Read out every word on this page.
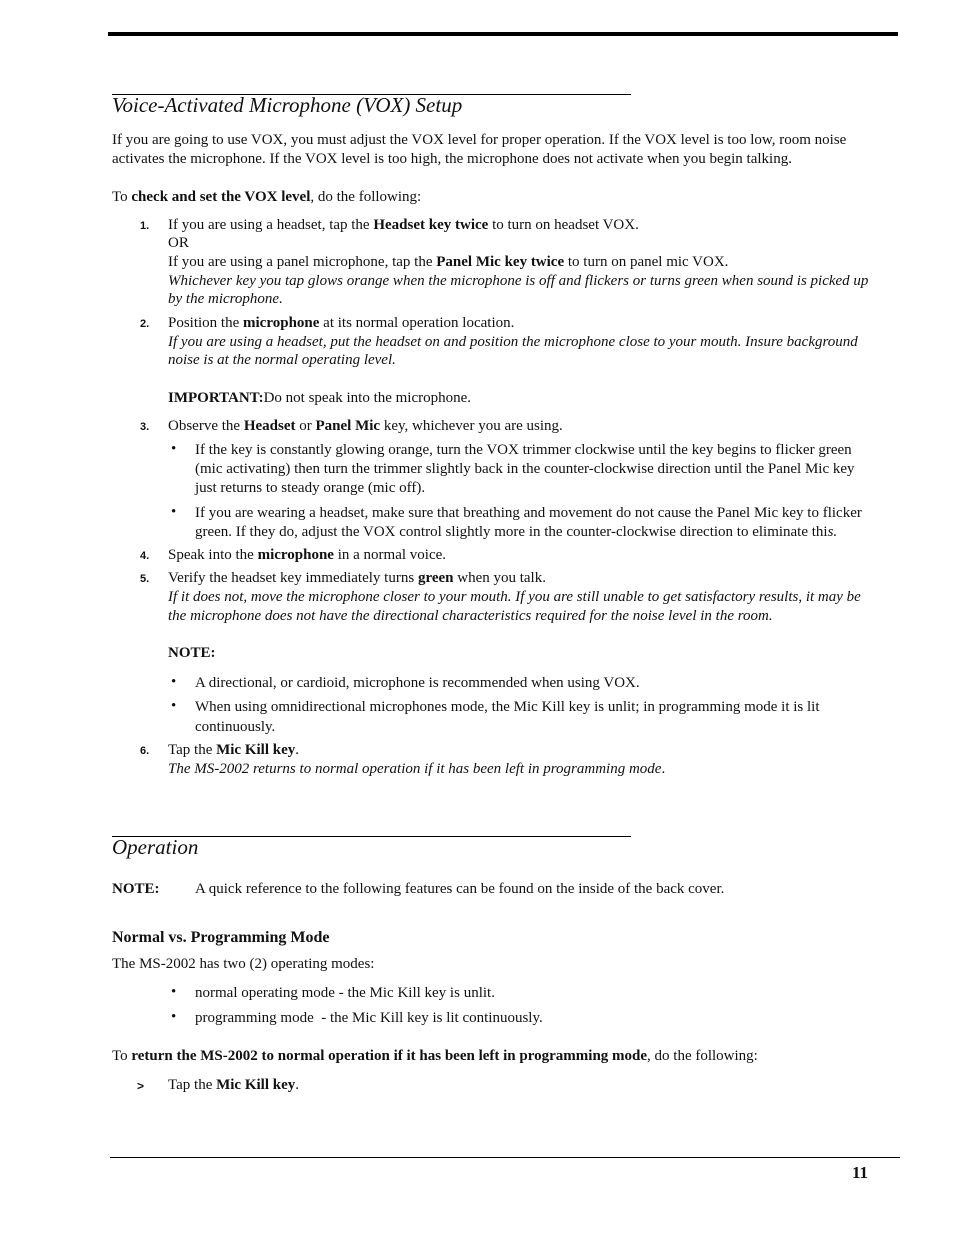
Voice-Activated Microphone (VOX) Setup
If you are going to use VOX, you must adjust the VOX level for proper operation. If the VOX level is too low, room noise
activates the microphone. If the VOX level is too high, the microphone does not activate when you begin talking.
To check and set the VOX level, do the following:
1. If you are using a headset, tap the Headset key twice to turn on headset VOX.
OR
If you are using a panel microphone, tap the Panel Mic key twice to turn on panel mic VOX.
Whichever key you tap glows orange when the microphone is off and flickers or turns green when sound is picked up
by the microphone.
2. Position the microphone at its normal operation location.
If you are using a headset, put the headset on and position the microphone close to your mouth. Insure background
noise is at the normal operating level.
IMPORTANT:Do not speak into the microphone.
3. Observe the Headset or Panel Mic key, whichever you are using.
• If the key is constantly glowing orange, turn the VOX trimmer clockwise until the key begins to flicker green
(mic activating) then turn the trimmer slightly back in the counter-clockwise direction until the Panel Mic key
just returns to steady orange (mic off).
• If you are wearing a headset, make sure that breathing and movement do not cause the Panel Mic key to flicker
green. If they do, adjust the VOX control slightly more in the counter-clockwise direction to eliminate this.
4. Speak into the microphone in a normal voice.
5. Verify the headset key immediately turns green when you talk.
If it does not, move the microphone closer to your mouth. If you are still unable to get satisfactory results, it may be
the microphone does not have the directional characteristics required for the noise level in the room.
NOTE:
• A directional, or cardioid, microphone is recommended when using VOX.
• When using omnidirectional microphones mode, the Mic Kill key is unlit; in programming mode it is lit
continuously.
6. Tap the Mic Kill key.
The MS-2002 returns to normal operation if it has been left in programming mode.
Operation
NOTE: A quick reference to the following features can be found on the inside of the back cover.
Normal vs. Programming Mode
The MS-2002 has two (2) operating modes:
• normal operating mode - the Mic Kill key is unlit.
• programming mode  - the Mic Kill key is lit continuously.
To return the MS-2002 to normal operation if it has been left in programming mode, do the following:
> Tap the Mic Kill key.
11
